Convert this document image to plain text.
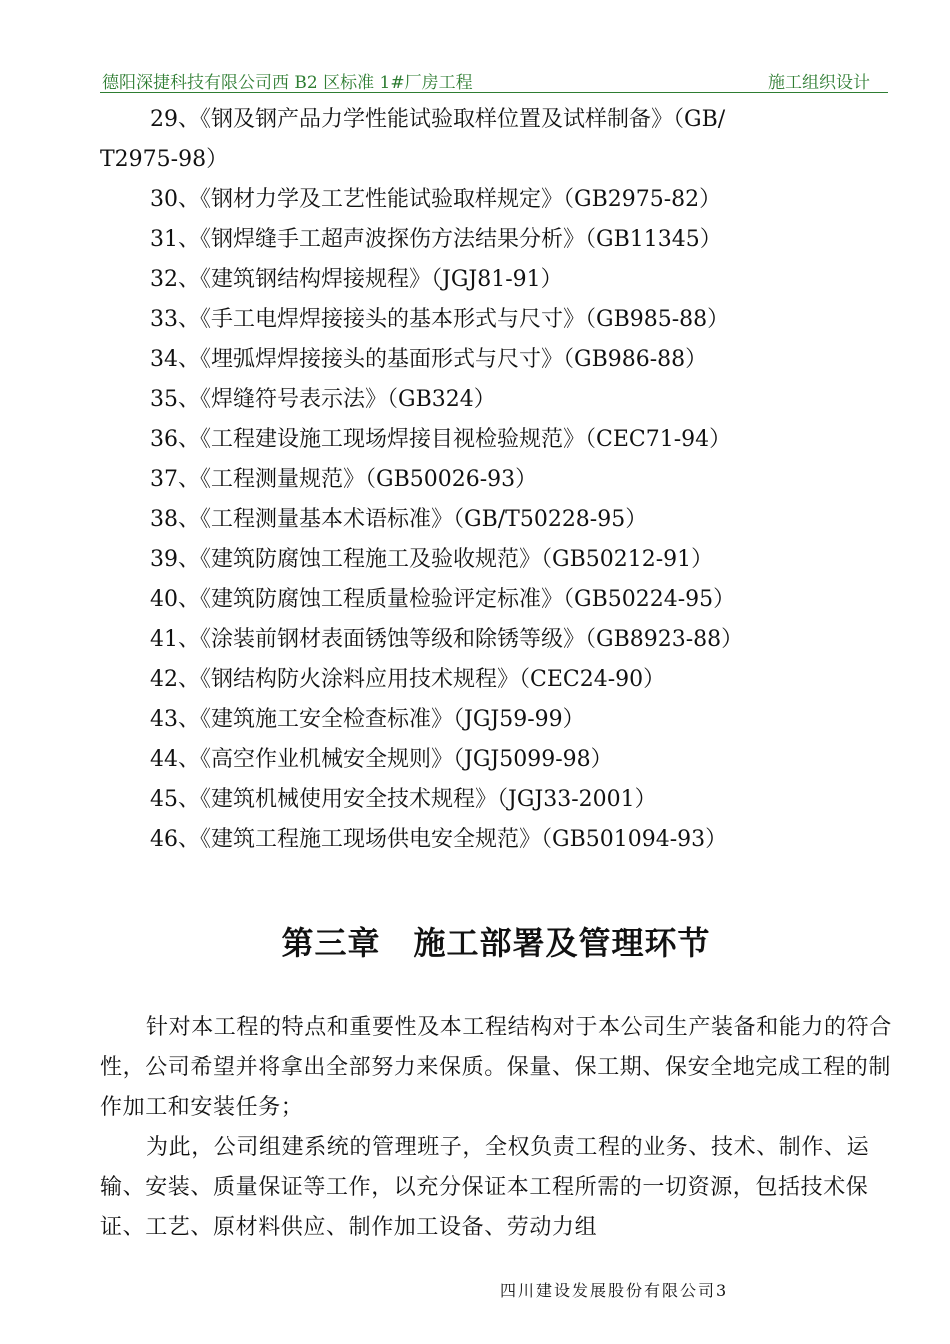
德阳深捷科技有限公司西 B2 区标准 1#厂房工程	施工组织设计
29、《钢及钢产品力学性能试验取样位置及试样制备》（GB/
T2975-98）
30、《钢材力学及工艺性能试验取样规定》（GB2975-82）
31、《钢焊缝手工超声波探伤方法结果分析》（GB11345）
32、《建筑钢结构焊接规程》（JGJ81-91）
33、《手工电焊焊接接头的基本形式与尺寸》（GB985-88）
34、《埋弧焊焊接接头的基面形式与尺寸》（GB986-88）
35、《焊缝符号表示法》（GB324）
36、《工程建设施工现场焊接目视检验规范》（CEC71-94）
37、《工程测量规范》（GB50026-93）
38、《工程测量基本术语标准》（GB/T50228-95）
39、《建筑防腐蚀工程施工及验收规范》（GB50212-91）
40、《建筑防腐蚀工程质量检验评定标准》（GB50224-95）
41、《涂装前钢材表面锈蚀等级和除锈等级》（GB8923-88）
42、《钢结构防火涂料应用技术规程》（CEC24-90）
43、《建筑施工安全检查标准》（JGJ59-99）
44、《高空作业机械安全规则》（JGJ5099-98）
45、《建筑机械使用安全技术规程》（JGJ33-2001）
46、《建筑工程施工现场供电安全规范》（GB501094-93）
第三章　施工部署及管理环节

针对本工程的特点和重要性及本工程结构对于本公司生产装备和能力的符合性，公司希望并将拿出全部努力来保质。保量、保工期、保安全地完成工程的制作加工和安装任务；

为此，公司组建系统的管理班子，全权负责工程的业务、技术、制作、运输、安装、质量保证等工作，以充分保证本工程所需的一切资源，包括技术保证、工艺、原材料供应、制作加工设备、劳动力组

四川建设发展股份有限公司3
